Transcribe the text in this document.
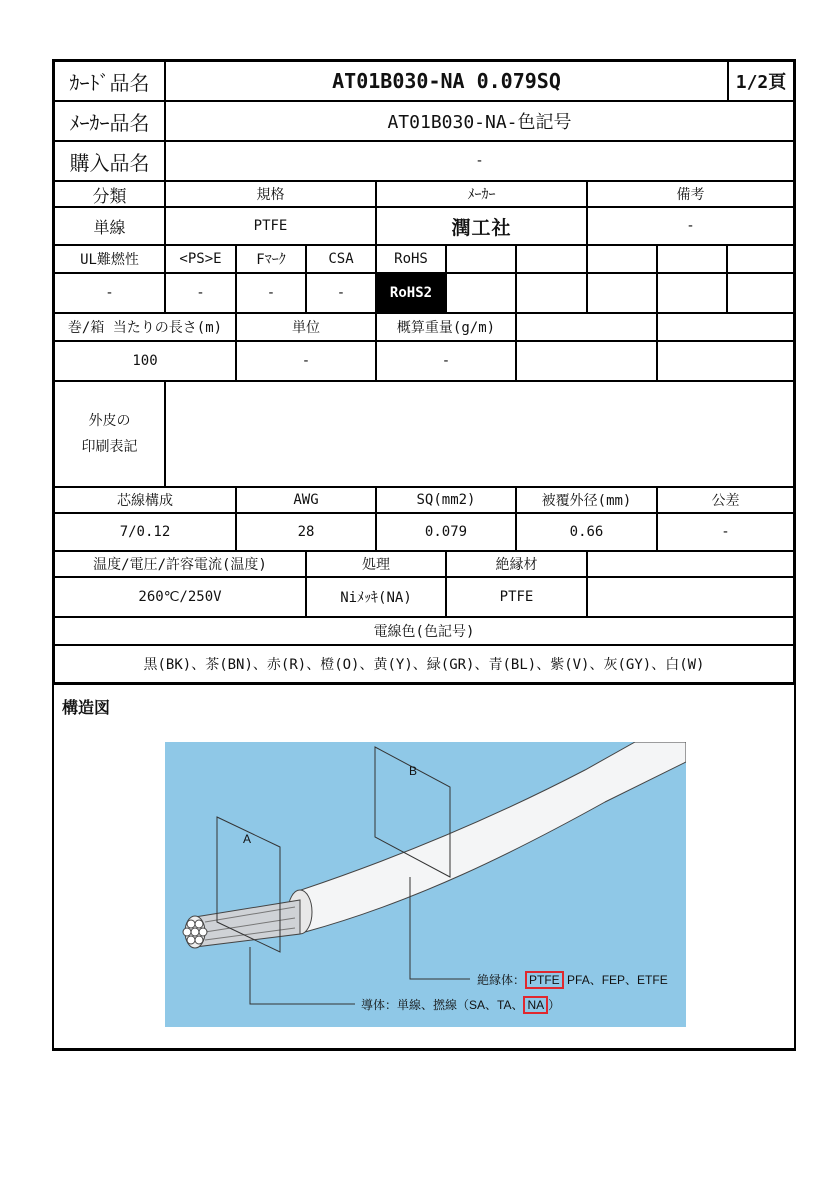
ｶｰﾄﾞ品名	AT01B030-NA 0.079SQ	1/2頁
ﾒｰｶｰ品名	AT01B030-NA-色記号
購入品名	-
分類	規格	ﾒｰｶｰ	備考
単線	PTFE	潤工社	-
UL難燃性	<PS>E	Fﾏｰｸ	CSA	RoHS
-	-	-	-	RoHS2
巻/箱 当たりの長さ(m)	単位	概算重量(g/m)
100	-	-
外皮の
印刷表記
芯線構成	AWG	SQ(mm2)	被覆外径(mm)	公差
7/0.12	28	0.079	0.66	-
温度/電圧/許容電流(温度)	処理	絶縁材
260℃/250V	Niﾒｯｷ(NA)	PTFE
電線色(色記号)
黒(BK)、茶(BN)、赤(R)、橙(O)、黄(Y)、緑(GR)、青(BL)、紫(V)、灰(GY)、白(W)
構造図
A
B
絶縁体： PTFE PFA、FEP、ETFE
導体：単線、撚線（SA、TA、 NA ）
